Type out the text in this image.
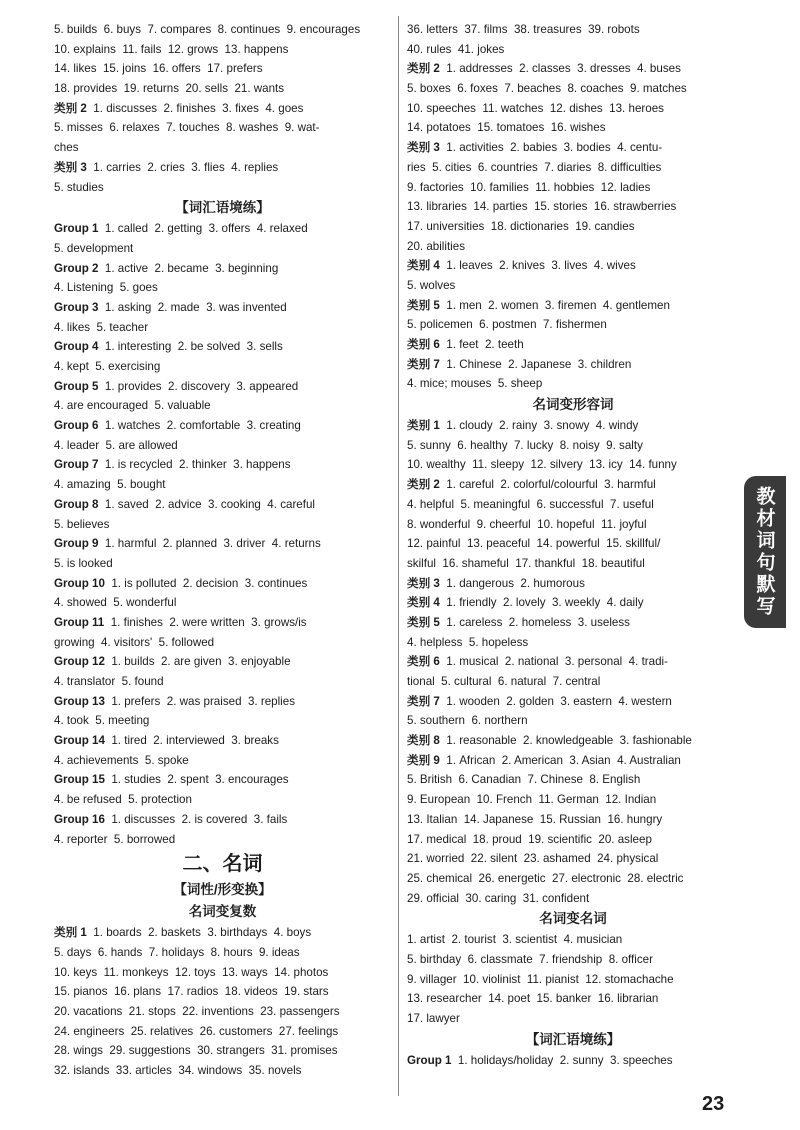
5. builds  6. buys  7. compares  8. continues  9. encourages
10. explains  11. fails  12. grows  13. happens
14. likes  15. joins  16. offers  17. prefers
18. provides  19. returns  20. sells  21. wants
类别 2  1. discusses  2. finishes  3. fixes  4. goes
5. misses  6. relaxes  7. touches  8. washes  9. wat-
ches
类别 3  1. carries  2. cries  3. flies  4. replies
5. studies
【词汇语境练】
Group 1  1. called  2. getting  3. offers  4. relaxed
5. development
Group 2  1. active  2. became  3. beginning
4. Listening  5. goes
Group 3  1. asking  2. made  3. was invented
4. likes  5. teacher
Group 4  1. interesting  2. be solved  3. sells
4. kept  5. exercising
Group 5  1. provides  2. discovery  3. appeared
4. are encouraged  5. valuable
Group 6  1. watches  2. comfortable  3. creating
4. leader  5. are allowed
Group 7  1. is recycled  2. thinker  3. happens
4. amazing  5. bought
Group 8  1. saved  2. advice  3. cooking  4. careful
5. believes
Group 9  1. harmful  2. planned  3. driver  4. returns
5. is looked
Group 10  1. is polluted  2. decision  3. continues
4. showed  5. wonderful
Group 11  1. finishes  2. were written  3. grows/is
growing  4. visitors'  5. followed
Group 12  1. builds  2. are given  3. enjoyable
4. translator  5. found
Group 13  1. prefers  2. was praised  3. replies
4. took  5. meeting
Group 14  1. tired  2. interviewed  3. breaks
4. achievements  5. spoke
Group 15  1. studies  2. spent  3. encourages
4. be refused  5. protection
Group 16  1. discusses  2. is covered  3. fails
4. reporter  5. borrowed
二、名词
【词性/形变换】
名词变复数
类别 1  1. boards  2. baskets  3. birthdays  4. boys
5. days  6. hands  7. holidays  8. hours  9. ideas
10. keys  11. monkeys  12. toys  13. ways  14. photos
15. pianos  16. plans  17. radios  18. videos  19. stars
20. vacations  21. stops  22. inventions  23. passengers
24. engineers  25. relatives  26. customers  27. feelings
28. wings  29. suggestions  30. strangers  31. promises
32. islands  33. articles  34. windows  35. novels
36. letters  37. films  38. treasures  39. robots
40. rules  41. jokes
类别 2  1. addresses  2. classes  3. dresses  4. buses
5. boxes  6. foxes  7. beaches  8. coaches  9. matches
10. speeches  11. watches  12. dishes  13. heroes
14. potatoes  15. tomatoes  16. wishes
类别 3  1. activities  2. babies  3. bodies  4. centu-
ries  5. cities  6. countries  7. diaries  8. difficulties
9. factories  10. families  11. hobbies  12. ladies
13. libraries  14. parties  15. stories  16. strawberries
17. universities  18. dictionaries  19. candies
20. abilities
类别 4  1. leaves  2. knives  3. lives  4. wives
5. wolves
类别 5  1. men  2. women  3. firemen  4. gentlemen
5. policemen  6. postmen  7. fishermen
类别 6  1. feet  2. teeth
类别 7  1. Chinese  2. Japanese  3. children
4. mice; mouses  5. sheep
名词变形容词
类别 1  1. cloudy  2. rainy  3. snowy  4. windy
5. sunny  6. healthy  7. lucky  8. noisy  9. salty
10. wealthy  11. sleepy  12. silvery  13. icy  14. funny
类别 2  1. careful  2. colorful/colourful  3. harmful
4. helpful  5. meaningful  6. successful  7. useful
8. wonderful  9. cheerful  10. hopeful  11. joyful
12. painful  13. peaceful  14. powerful  15. skillful/
skilful  16. shameful  17. thankful  18. beautiful
类别 3  1. dangerous  2. humorous
类别 4  1. friendly  2. lovely  3. weekly  4. daily
类别 5  1. careless  2. homeless  3. useless
4. helpless  5. hopeless
类别 6  1. musical  2. national  3. personal  4. tradi-
tional  5. cultural  6. natural  7. central
类别 7  1. wooden  2. golden  3. eastern  4. western
5. southern  6. northern
类别 8  1. reasonable  2. knowledgeable  3. fashionable
类别 9  1. African  2. American  3. Asian  4. Australian
5. British  6. Canadian  7. Chinese  8. English
9. European  10. French  11. German  12. Indian
13. Italian  14. Japanese  15. Russian  16. hungry
17. medical  18. proud  19. scientific  20. asleep
21. worried  22. silent  23. ashamed  24. physical
25. chemical  26. energetic  27. electronic  28. electric
29. official  30. caring  31. confident
名词变名词
1. artist  2. tourist  3. scientist  4. musician
5. birthday  6. classmate  7. friendship  8. officer
9. villager  10. violinist  11. pianist  12. stomachache
13. researcher  14. poet  15. banker  16. librarian
17. lawyer
【词汇语境练】
Group 1  1. holidays/holiday  2. sunny  3. speeches
教材词句默写
23
